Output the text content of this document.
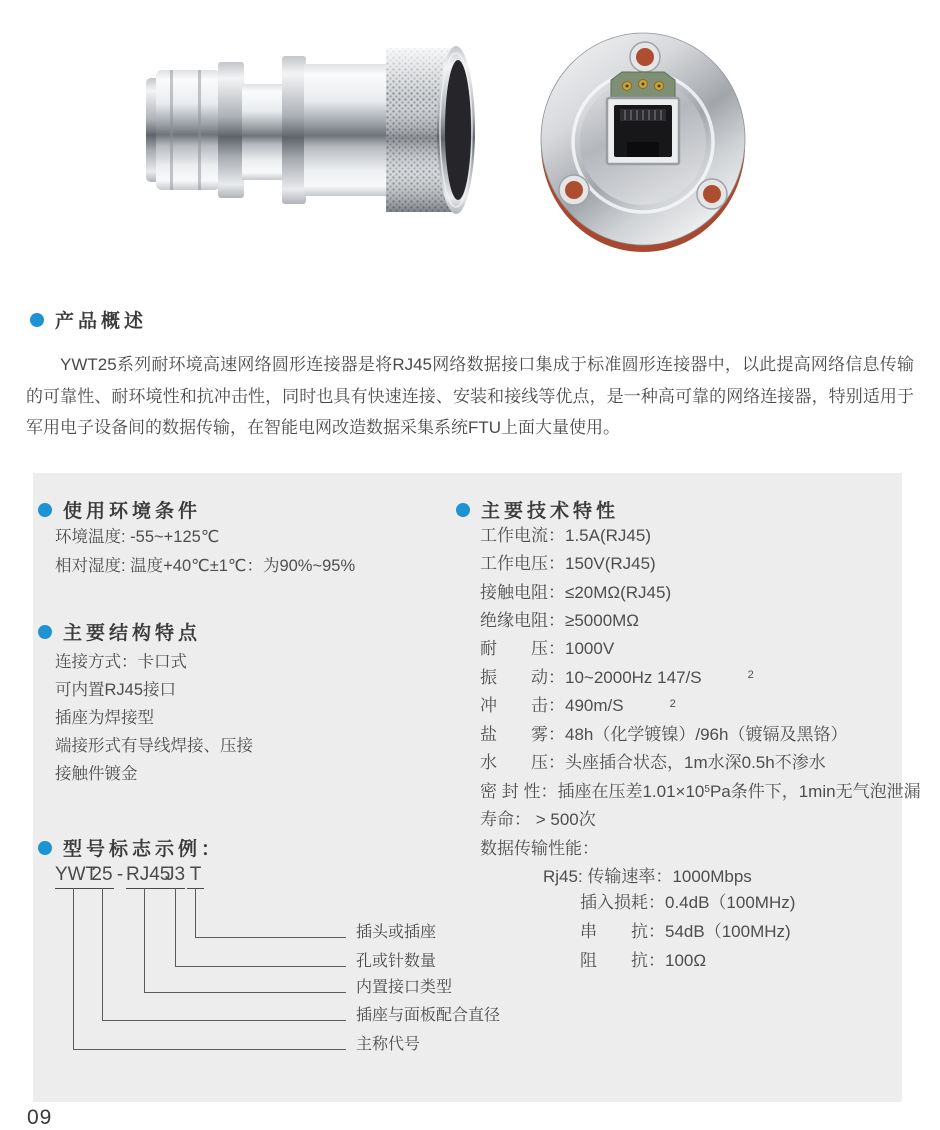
产品概述
YWT25系列耐环境高速网络圆形连接器是将RJ45网络数据接口集成于标准圆形连接器中，以此提高网络信息传输的可靠性、耐环境性和抗冲击性，同时也具有快速连接、安装和接线等优点，是一种高可靠的网络连接器，特别适用于军用电子设备间的数据传输，在智能电网改造数据采集系统FTU上面大量使用。
使用环境条件
环境温度: -55~+125℃
相对湿度: 温度+40℃±1℃：为90%~95%
主要结构特点
连接方式：卡口式
可内置RJ45接口
插座为焊接型
端接形式有导线焊接、压接
接触件镀金
主要技术特性
工作电流：1.5A(RJ45)
工作电压：150V(RJ45)
接触电阻：≤20MΩ(RJ45)
绝缘电阻：≥5000MΩ
耐　　压：1000V
振　　动：10~2000Hz 147/S	2
冲　　击：490m/S	2
盐　　雾：48h（化学镀镍）/96h（镀镉及黑铬）
水　　压：头座插合状态，1m水深0.5h不渗水
密 封 性：插座在压差1.01×10 5 Pa条件下，1min无气泡泄漏
寿命： > 500次
数据传输性能：
Rj45: 传输速率：1000Mbps
插入损耗：0.4dB（100MHz)
串　　抗：54dB（100MHz)
阻　　抗：100Ω
型号标志示例：
YWT
25 - RJ45
J3 T
插头或插座
孔或针数量
内置接口类型
插座与面板配合直径
主称代号
09
